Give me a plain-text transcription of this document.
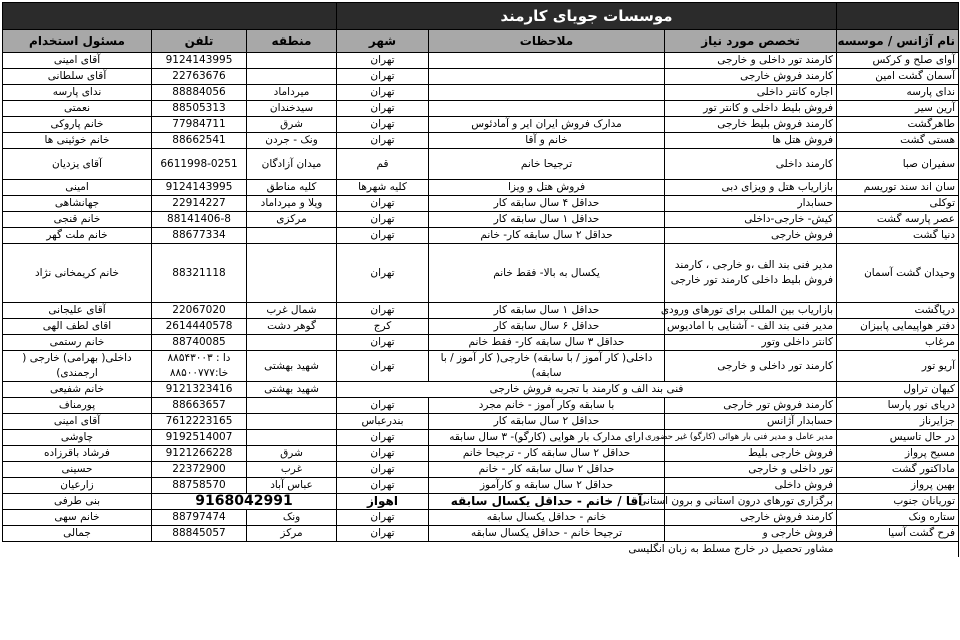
	موسسات جویای کارمند					
نام آژانس / موسسه	تخصص مورد نیاز	ملاحظات	شهر	منطقه	تلفن	مسئول استخدام
آوای صلح و کرکس	کارمند تور داخلی و خارجی		تهران		9124143995	آقای امینی
آسمان گشت امین	کارمند فروش خارجی		تهران		22763676	آقای سلطانی
ندای پارسه	اجاره کانتر داخلی		تهران	میرداماد	88884056	ندای پارسه
آرین سیر	فروش بلیط داخلی و کانتر تور		تهران	سیدخندان	88505313	نعمتی
طاهرگشت	کارمند فروش بلیط خارجی	مدارک فروش ایران ایر و آمادئوس	تهران	شرق	77984711	خانم پاروکی
هستی گشت	فروش هتل ها	خانم و آقا	تهران	ونک - جردن	88662541	خانم خوئینی ها
سفیران صبا	کارمند داخلی	ترجیحا خانم	قم	میدان آزادگان	6611998-0251	آقای یزدیان
سان اند سند توریسم	بازاریاب هتل و ویزای دبی	فروش هتل و ویزا	کلیه شهرها	کلیه مناطق	9124143995	امینی
توکلی	حسابدار	حداقل ۴ سال سابقه کار	تهران	ویلا و میرداماد	22914227	جهانشاهی
عصر پارسه گشت	کیش- خارجی-داخلی	حداقل ۱ سال سابقه کار	تهران	مرکزی	88141406-8	خانم قنجی
دنیا گشت	فروش خارجی	حداقل ۲ سال سابقه کار- خانم	تهران		88677334	خانم ملت گهر
وحیدان گشت آسمان	مدیر فنی بند الف ،و خارجی ، کارمند فروش بلیط داخلی کارمند تور خارجی	یکسال به بالا- فقط خانم	تهران		88321118	خانم کریمخانی نژاد
دریاگشت	بازاریاب بین المللی برای تورهای ورودی	حداقل ۱ سال سابقه کار	تهران	شمال غرب	22067020	آقای علیجانی
دفتر هواپیمایی پابیزان	مدیر فنی بند الف - آشنایی با امادیوس	حداقل ۶ سال سابقه کار	کرج	گوهر دشت	2614440578	اقای لطف الهی
مرغاب	کانتر داخلی وتور	حداقل ۳ سال سابقه کار- فقط خانم	تهران		88740085	خانم رستمی
آریو تور	کارمند تور داخلی و خارجی	داخلی( کار آموز / با سابقه) خارجی( کار آموز / با سابقه)	تهران	شهید بهشتی	دا : ۸۸۵۴۳۰۰۳ خا:۸۸۵۰۰۷۷۷	داخلی( بهرامی) خارجی ( ارجمندی)
کیهان تراول	فنی بند الف و کارمند با تجربه فروش خارجی			شهید بهشتی	9121323416	خانم شفیعی
دریای نور پارسا	کارمند فروش تور خارجی	با سابقه وکار آموز - خانم مجرد	تهران		88663657	پورمناف
جزایرناز	حسابدار آژانس	حداقل ۲ سال سابقه کار	بندرعباس		7612223165	آقای امینی
در حال تاسیس	مدیر عامل و مدیر فنی بار هوائی (کارگو) غیر حضوری	ارای مدارک بار هوایی (کارگو)- ۳ سال سابقه	تهران		9192514007	چاوشی
مسیح پرواز	فروش خارجی بلیط	حداقل ۲ سال سابقه کار - ترجیحا خانم	تهران	شرق	9121266228	فرشاد باقرزاده
ماداکتور گشت	تور داخلی و خارجی	حداقل ۲ سال سابقه کار - خانم	تهران	غرب	22372900	حسینی
بهین پرواز	فروش داخلی	حداقل ۲ سال سابقه و کارآموز	تهران	عباس آباد	88758570	زارعیان
توریانان جنوب	برگزاری تورهای درون استانی و برون استانی	آقا / خانم - حداقل یکسال سابقه	اهواز	9168042991		بنی طرفی
ستاره ونک	کارمند فروش خارجی	خانم - حداقل یکسال سابقه	تهران	ونک	88797474	خانم سهی
فرح گشت آسیا	فروش خارجی و	ترجیحا خانم - حداقل یکسال سابقه	تهران	مرکز	88845057	جمالی
	مشاور تحصیل در خارج مسلط به زبان انگلیسی					
